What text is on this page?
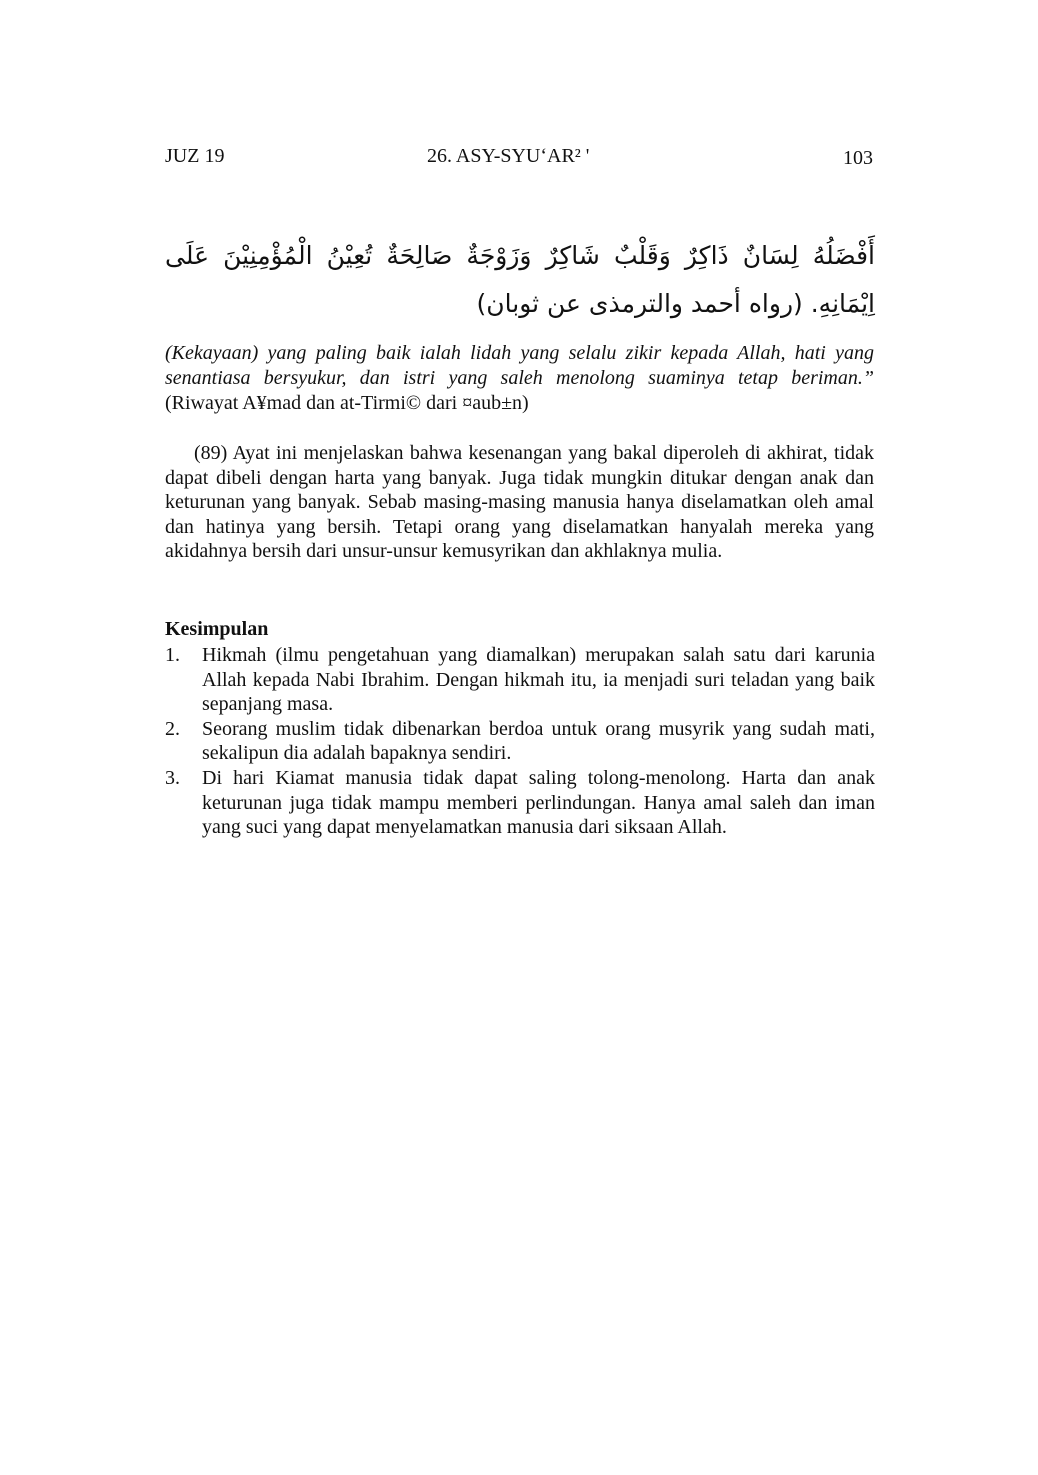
JUZ 19	26. ASY-SYU‘AR² '	103
أَفْضَلُهُ لِسَانٌ ذَاكِرٌ وَقَلْبٌ شَاكِرٌ وَزَوْجَةٌ صَالِحَةٌ تُعِيْنُ الْمُؤْمِنِيْنَ عَلَى اِيْمَانِهِ. (رواه أحمد والترمذى عن ثوبان)
(Kekayaan) yang paling baik ialah lidah yang selalu zikir kepada Allah, hati yang senantiasa bersyukur, dan istri yang saleh menolong suaminya tetap beriman.” (Riwayat A¥mad dan at-Tirmi© dari ¤aub±n)
(89) Ayat ini menjelaskan bahwa kesenangan yang bakal diperoleh di akhirat, tidak dapat dibeli dengan harta yang banyak. Juga tidak mungkin ditukar dengan anak dan keturunan yang banyak. Sebab masing-masing manusia hanya diselamatkan oleh amal dan hatinya yang bersih. Tetapi orang yang diselamatkan hanyalah mereka yang akidahnya bersih dari unsur-unsur kemusyrikan dan akhlaknya mulia.
Kesimpulan
1. Hikmah (ilmu pengetahuan yang diamalkan) merupakan salah satu dari karunia Allah kepada Nabi Ibrahim. Dengan hikmah itu, ia menjadi suri teladan yang baik sepanjang masa.
2. Seorang muslim tidak dibenarkan berdoa untuk orang musyrik yang sudah mati, sekalipun dia adalah bapaknya sendiri.
3. Di hari Kiamat manusia tidak dapat saling tolong-menolong. Harta dan anak keturunan juga tidak mampu memberi perlindungan. Hanya amal saleh dan iman yang suci yang dapat menyelamatkan manusia dari siksaan Allah.
